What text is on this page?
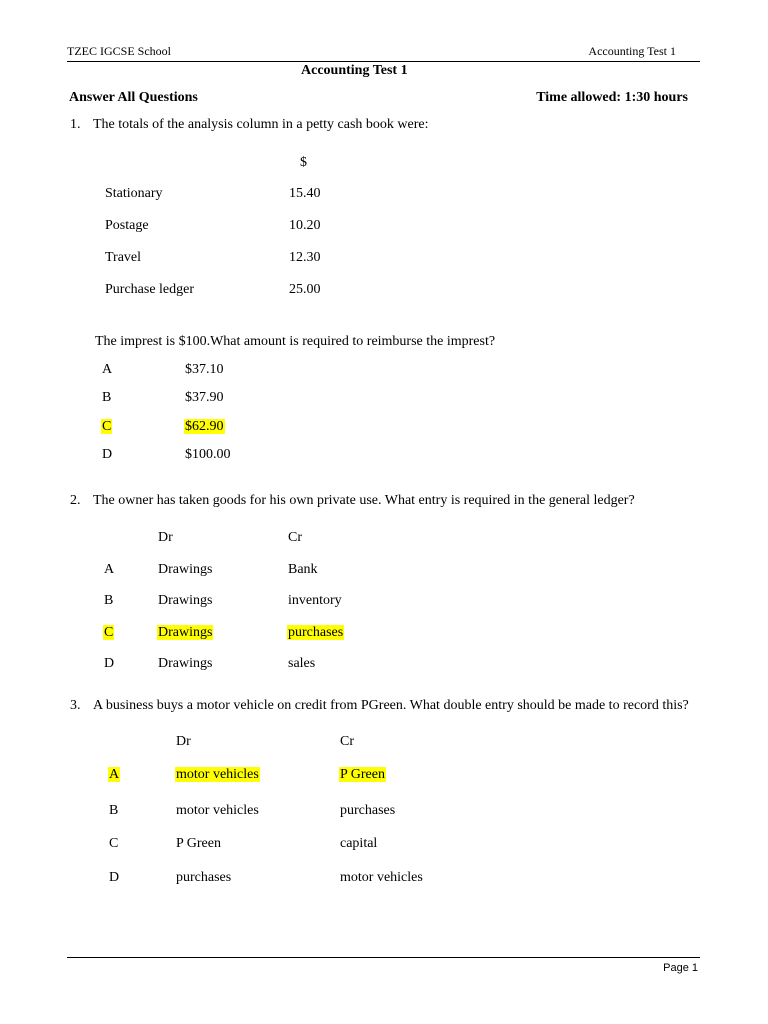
TZEC IGCSE School	Accounting Test 1
Accounting Test 1
Answer All Questions	Time allowed: 1:30 hours
1. The totals of the analysis column in a petty cash book were:
$
Stationary	15.40
Postage	10.20
Travel	12.30
Purchase ledger	25.00
The imprest is $100.What amount is required to reimburse the imprest?
A	$37.10
B	$37.90
C	$62.90
D	$100.00
2. The owner has taken goods for his own private use. What entry is required in the general ledger?
Dr	Cr
A	Drawings	Bank
B	Drawings	inventory
C	Drawings	purchases
D	Drawings	sales
3. A business buys a motor vehicle on credit from PGreen. What double entry should be made to record this?
Dr	Cr
A	motor vehicles	P Green
B	motor vehicles	purchases
C	P Green	capital
D	purchases	motor vehicles
Page 1
